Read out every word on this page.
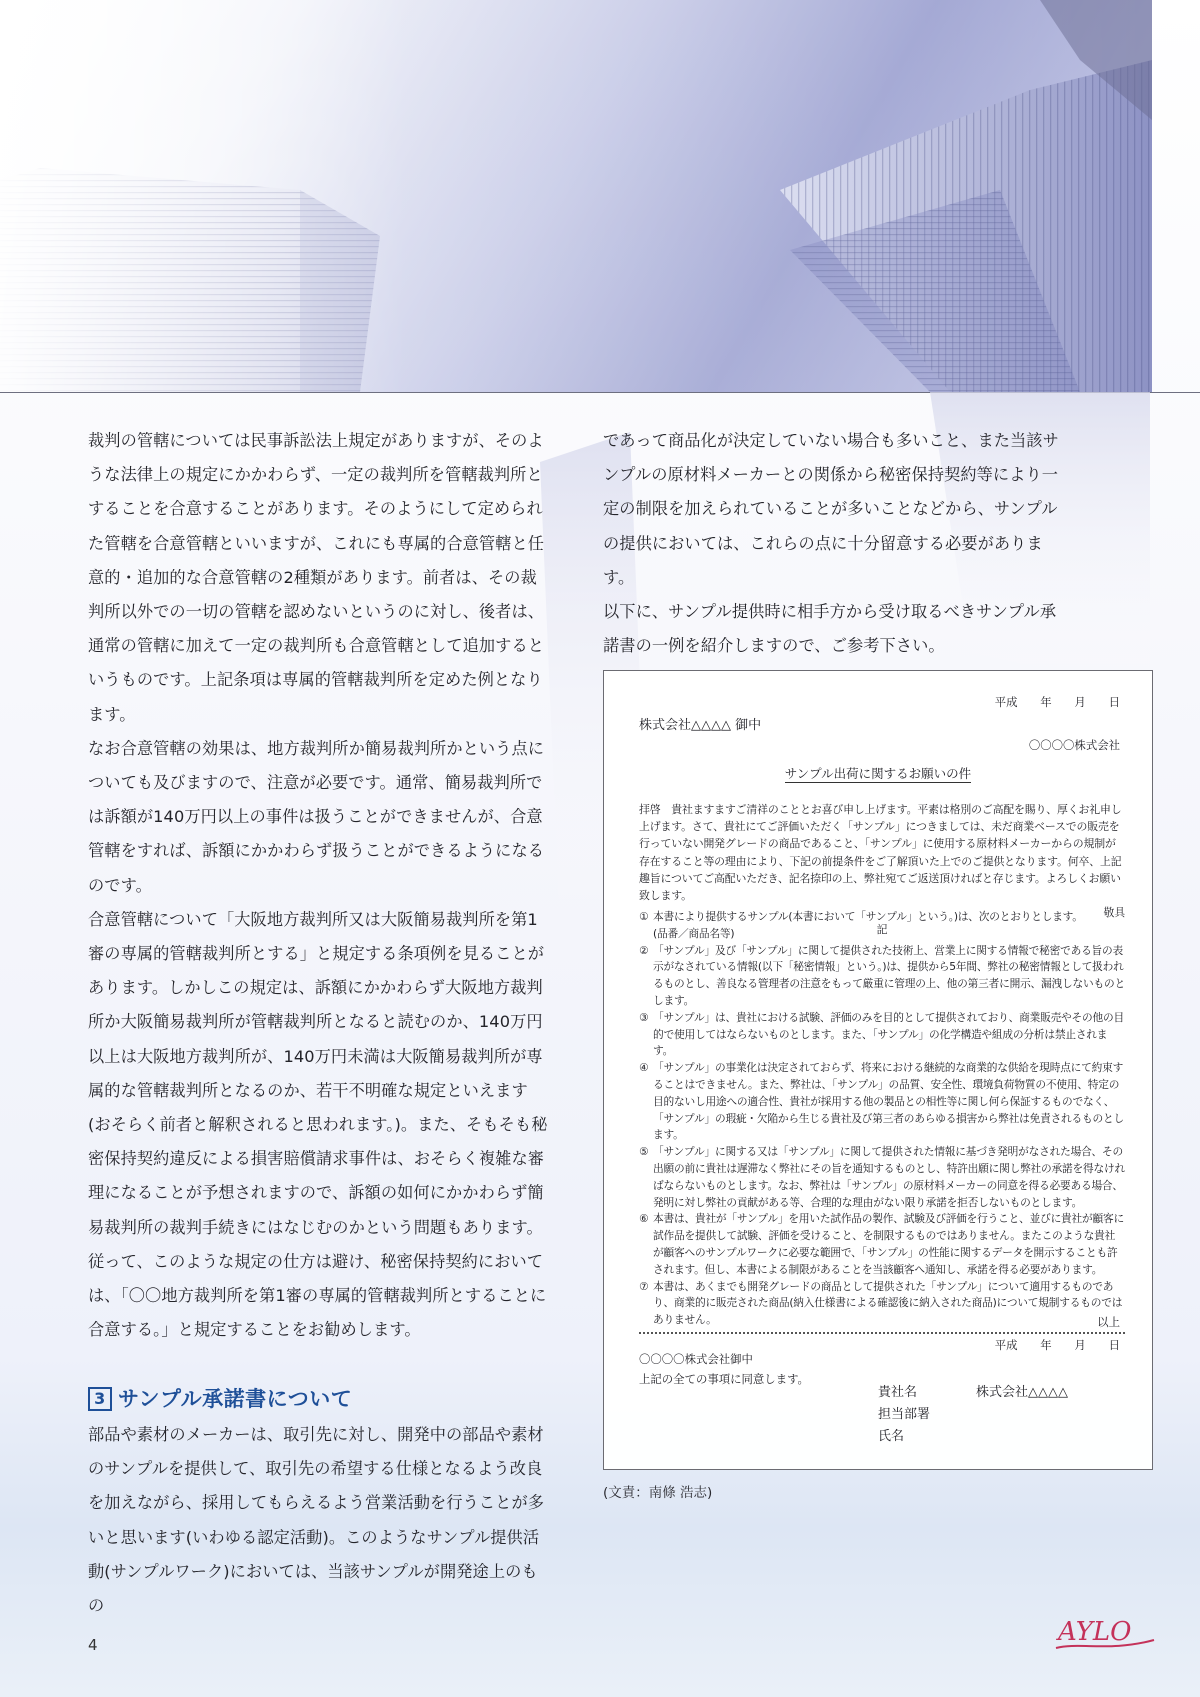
裁判の管轄については民事訴訟法上規定がありますが、そのような法律上の規定にかかわらず、一定の裁判所を管轄裁判所とすることを合意することがあります。そのようにして定められた管轄を合意管轄といいますが、これにも専属的合意管轄と任意的・追加的な合意管轄の2種類があります。前者は、その裁判所以外での一切の管轄を認めないというのに対し、後者は、通常の管轄に加えて一定の裁判所も合意管轄として追加するというものです。上記条項は専属的管轄裁判所を定めた例となります。

なお合意管轄の効果は、地方裁判所か簡易裁判所かという点についても及びますので、注意が必要です。通常、簡易裁判所では訴額が140万円以上の事件は扱うことができませんが、合意管轄をすれば、訴額にかかわらず扱うことができるようになるのです。

合意管轄について「大阪地方裁判所又は大阪簡易裁判所を第1審の専属的管轄裁判所とする」と規定する条項例を見ることがあります。しかしこの規定は、訴額にかかわらず大阪地方裁判所か大阪簡易裁判所が管轄裁判所となると読むのか、140万円以上は大阪地方裁判所が、140万円未満は大阪簡易裁判所が専属的な管轄裁判所となるのか、若干不明確な規定といえます(おそらく前者と解釈されると思われます。)。また、そもそも秘密保持契約違反による損害賠償請求事件は、おそらく複雑な審理になることが予想されますので、訴額の如何にかかわらず簡易裁判所の裁判手続きにはなじむのかという問題もあります。従って、このような規定の仕方は避け、秘密保持契約においては、「〇〇地方裁判所を第1審の専属的管轄裁判所とすることに合意する。」と規定することをお勧めします。

3 サンプル承諾書について

部品や素材のメーカーは、取引先に対し、開発中の部品や素材のサンプルを提供して、取引先の希望する仕様となるよう改良を加えながら、採用してもらえるよう営業活動を行うことが多いと思います(いわゆる認定活動)。このようなサンプル提供活動(サンプルワーク)においては、当該サンプルが開発途上のもの

であって商品化が決定していない場合も多いこと、また当該サンプルの原材料メーカーとの関係から秘密保持契約等により一定の制限を加えられていることが多いことなどから、サンプルの提供においては、これらの点に十分留意する必要があります。

以下に、サンプル提供時に相手方から受け取るべきサンプル承諾書の一例を紹介しますので、ご参考下さい。

平成　　年　　月　　日
株式会社△△△△ 御中
〇〇〇〇株式会社
サンプル出荷に関するお願いの件

拝啓　貴社ますますご清祥のこととお喜び申し上げます。平素は格別のご高配を賜り、厚くお礼申し上げます。さて、貴社にてご評価いただく「サンプル」につきましては、未だ商業ベースでの販売を行っていない開発グレードの商品であること、「サンプル」に使用する原材料メーカーからの規制が存在すること等の理由により、下記の前提条件をご了解頂いた上でのご提供となります。何卒、上記趣旨についてご高配いただき、記名捺印の上、弊社宛てご返送頂ければと存じます。よろしくお願い致します。

敬具

記

① 本書により提供するサンプル(本書において「サンプル」という。)は、次のとおりとします。
(品番／商品名等)
② 「サンプル」及び「サンプル」に関して提供された技術上、営業上に関する情報で秘密である旨の表示がなされている情報(以下「秘密情報」という。)は、提供から5年間、弊社の秘密情報として扱われるものとし、善良なる管理者の注意をもって厳重に管理の上、他の第三者に開示、漏洩しないものとします。
③ 「サンプル」は、貴社における試験、評価のみを目的として提供されており、商業販売やその他の目的で使用してはならないものとします。また、「サンプル」の化学構造や組成の分析は禁止されます。
④ 「サンプル」の事業化は決定されておらず、将来における継続的な商業的な供給を現時点にて約束することはできません。また、弊社は、「サンプル」の品質、安全性、環境負荷物質の不使用、特定の目的ないし用途への適合性、貴社が採用する他の製品との相性等に関し何ら保証するものでなく、「サンプル」の瑕疵・欠陥から生じる貴社及び第三者のあらゆる損害から弊社は免責されるものとします。
⑤ 「サンプル」に関する又は「サンプル」に関して提供された情報に基づき発明がなされた場合、その出願の前に貴社は遅滞なく弊社にその旨を通知するものとし、特許出願に関し弊社の承諾を得なければならないものとします。なお、弊社は「サンプル」の原材料メーカーの同意を得る必要ある場合、発明に対し弊社の貢献がある等、合理的な理由がない限り承諾を拒否しないものとします。
⑥ 本書は、貴社が「サンプル」を用いた試作品の製作、試験及び評価を行うこと、並びに貴社が顧客に試作品を提供して試験、評価を受けること、を制限するものではありません。またこのような貴社が顧客へのサンプルワークに必要な範囲で、「サンプル」の性能に関するデータを開示することも許されます。但し、本書による制限があることを当該顧客へ通知し、承諾を得る必要があります。
⑦ 本書は、あくまでも開発グレードの商品として提供された「サンプル」について適用するものであり、商業的に販売された商品(納入仕様書による確認後に納入された商品)について規制するものではありません。	以上
平成　　年　　月　　日
〇〇〇〇株式会社御中
上記の全ての事項に同意します。
貴社名	株式会社△△△△
担当部署
氏名
(文責：南條 浩志)
4	AYLO
